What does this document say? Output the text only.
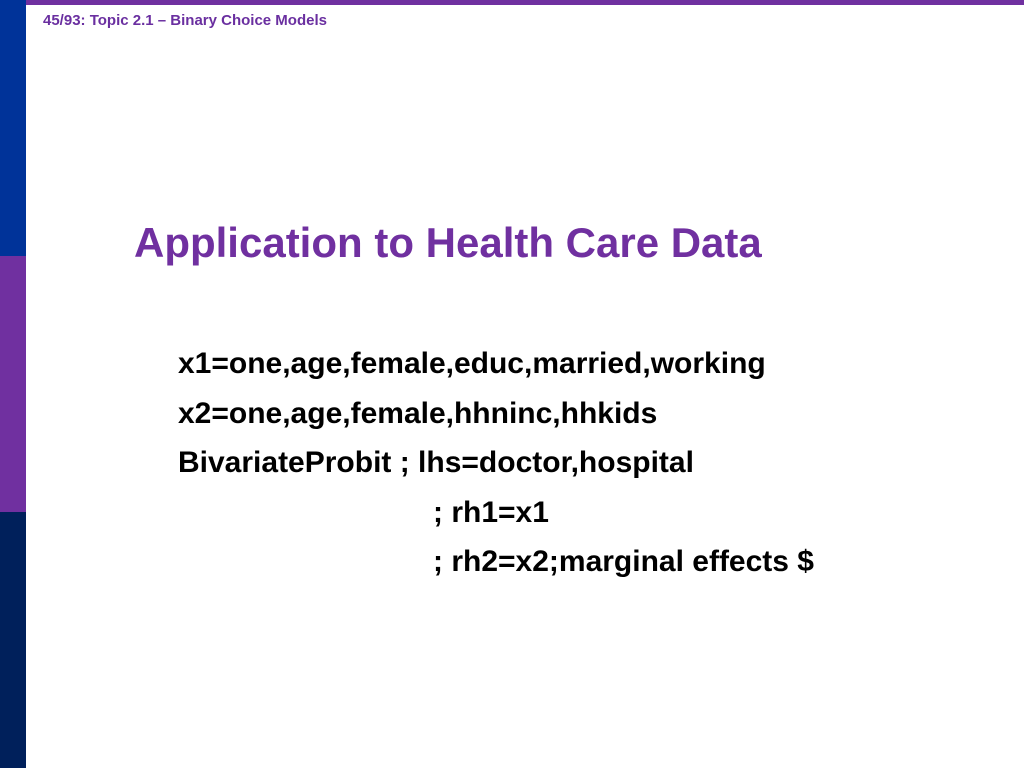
45/93: Topic 2.1 – Binary Choice Models
Application to Health Care Data
x1=one,age,female,educ,married,working
x2=one,age,female,hhninc,hhkids
BivariateProbit ; lhs=doctor,hospital
; rh1=x1
; rh2=x2;marginal effects $
